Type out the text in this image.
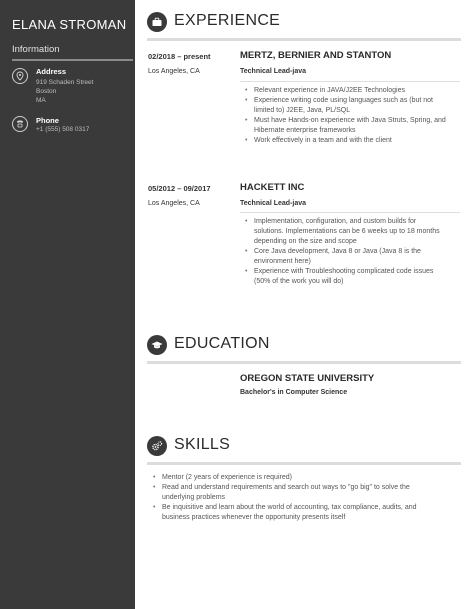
ELANA STROMAN
Information
Address
919 Schaden Street
Boston
MA
Phone
+1 (555) 508 0317
EXPERIENCE
02/2018 – present
Los Angeles, CA
MERTZ, BERNIER AND STANTON
Technical Lead-java
• Relevant experience in JAVA/J2EE Technologies
• Experience writing code using languages such as (but not
limited to) J2EE, Java, PL/SQL
• Must have Hands-on experience with Java Struts, Spring, and
Hibernate enterprise frameworks
• Work effectively in a team and with the client
05/2012 – 09/2017
Los Angeles, CA
HACKETT INC
Technical Lead-java
• Implementation, configuration, and custom builds for
solutions. Implementations can be 6 weeks up to 18 months
depending on the size and scope
• Core Java development, Java 8 or Java (Java 8 is the
environment here)
• Experience with Troubleshooting complicated code issues
(50% of the work you will do)
EDUCATION
OREGON STATE UNIVERSITY
Bachelor's in Computer Science
SKILLS
• Mentor (2 years of experience is required)
• Read and understand requirements and search out ways to "go big" to solve the
underlying problems
• Be inquisitive and learn about the world of accounting, tax compliance, audits, and
business practices whenever the opportunity presents itself
